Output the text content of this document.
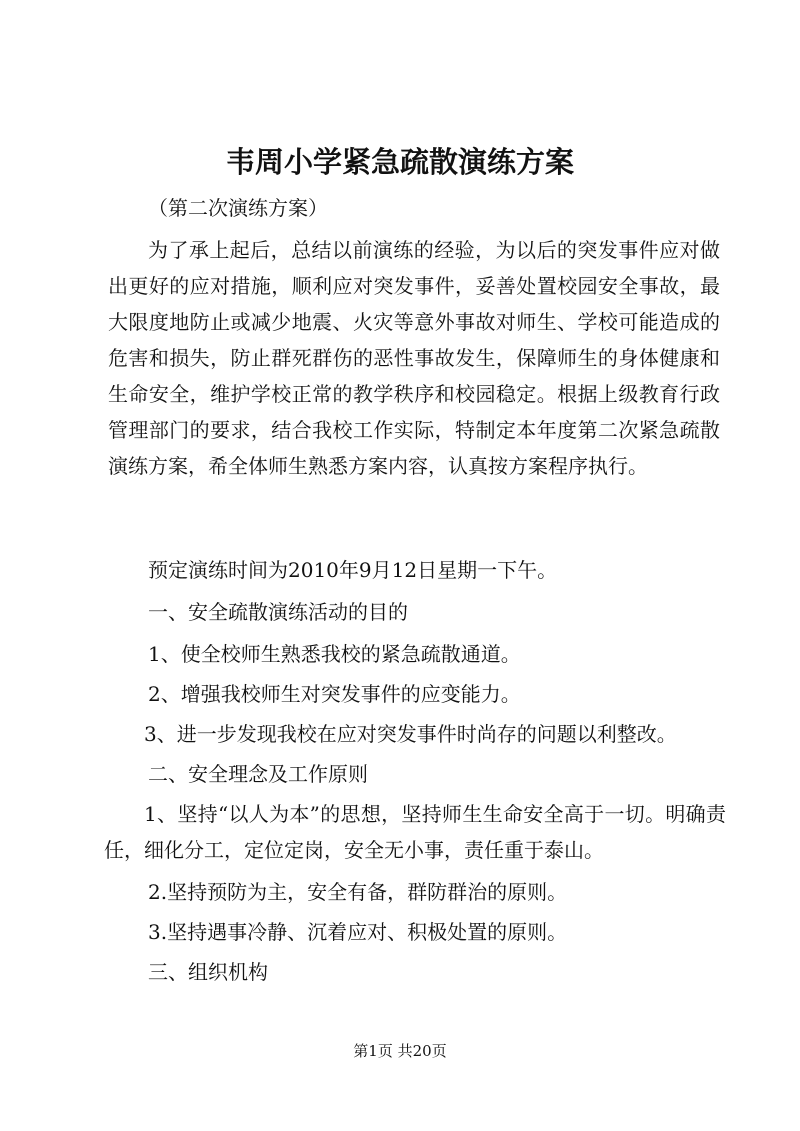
韦周小学紧急疏散演练方案

（第二次演练方案）

为了承上起后，总结以前演练的经验，为以后的突发事件应对做出更好的应对措施，顺利应对突发事件，妥善处置校园安全事故，最大限度地防止或减少地震、火灾等意外事故对师生、学校可能造成的危害和损失，防止群死群伤的恶性事故发生，保障师生的身体健康和生命安全，维护学校正常的教学秩序和校园稳定。根据上级教育行政管理部门的要求，结合我校工作实际，特制定本年度第二次紧急疏散演练方案，希全体师生熟悉方案内容，认真按方案程序执行。

预定演练时间为2010年9月12日星期一下午。

一、安全疏散演练活动的目的

1、使全校师生熟悉我校的紧急疏散通道。

2、增强我校师生对突发事件的应变能力。

3、进一步发现我校在应对突发事件时尚存的问题以利整改。

二、安全理念及工作原则

1、坚持“以人为本”的思想，坚持师生生命安全高于一切。明确责任，细化分工，定位定岗，安全无小事，责任重于泰山。

2.坚持预防为主，安全有备，群防群治的原则。

3.坚持遇事冷静、沉着应对、积极处置的原则。

三、组织机构

第1页 共20页
